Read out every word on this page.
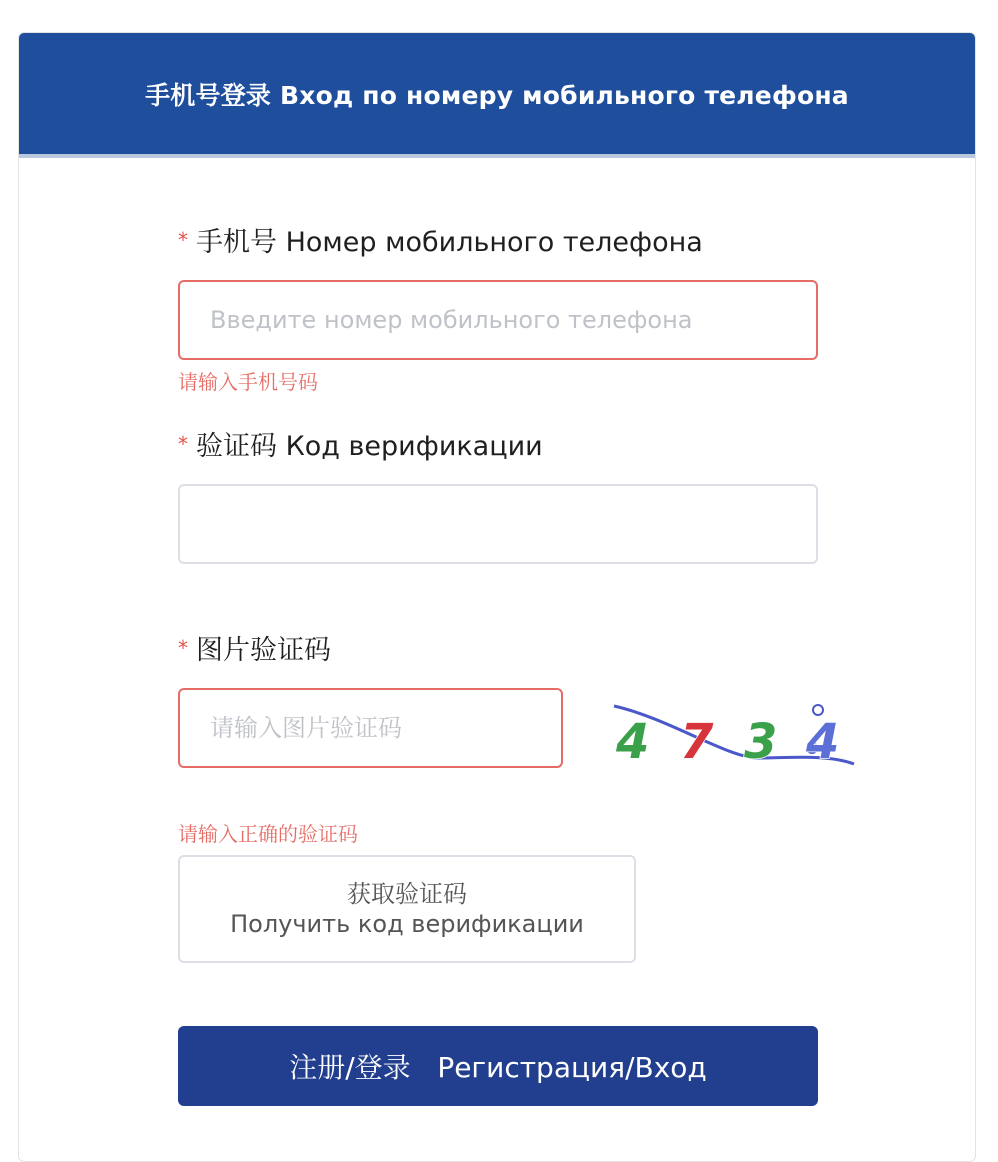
手机号登录 Вход по номеру мобильного телефона
* 手机号 Номер мобильного телефона
Введите номер мобильного телефона
请输入手机号码
* 验证码 Код верификации
* 图片验证码
请输入图片验证码
4 7 3 4
请输入正确的验证码
获取验证码
Получить код верификации
注册/登录   Регистрация/Вход
